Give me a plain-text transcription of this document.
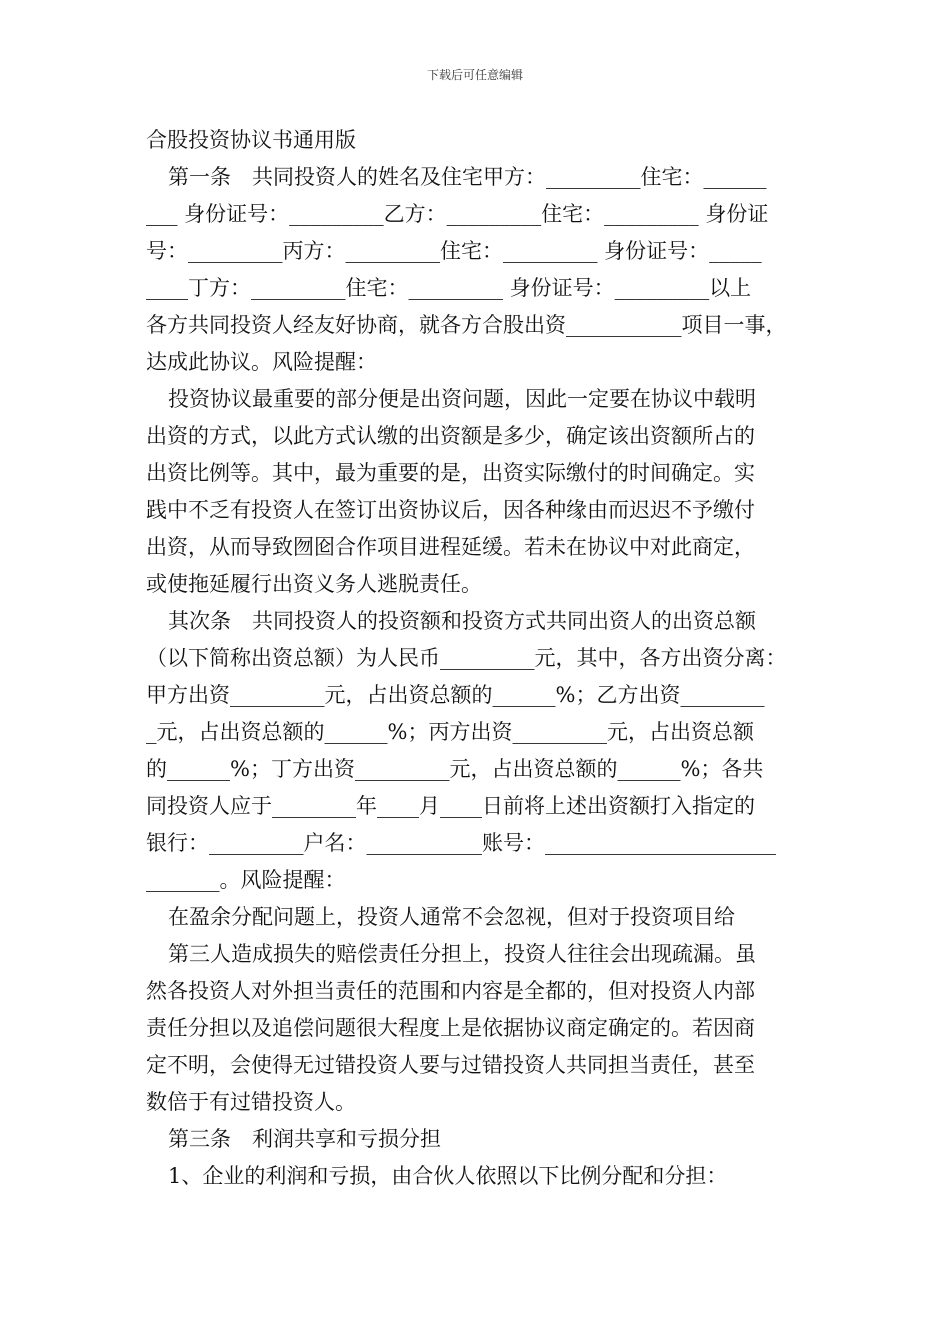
下载后可任意编辑
合股投资协议书通用版
第一条　共同投资人的姓名及住宅甲方：_________住宅：______
___ 身份证号：_________乙方：_________住宅：_________ 身份证
号：_________丙方：_________住宅：_________ 身份证号：_____
____丁方：_________住宅：_________ 身份证号：_________以上
各方共同投资人经友好协商，就各方合股出资___________项目一事，
达成此协议。风险提醒：
投资协议最重要的部分便是出资问题，因此一定要在协议中载明
出资的方式，以此方式认缴的出资额是多少，确定该出资额所占的
出资比例等。其中，最为重要的是，出资实际缴付的时间确定。实
践中不乏有投资人在签订出资协议后，因各种缘由而迟迟不予缴付
出资，从而导致囫囵合作项目进程延缓。若未在协议中对此商定，
或使拖延履行出资义务人逃脱责任。
其次条　共同投资人的投资额和投资方式共同出资人的出资总额
（以下简称出资总额）为人民币_________元，其中，各方出资分离：
甲方出资_________元，占出资总额的______%；乙方出资________
_元，占出资总额的______%；丙方出资_________元，占出资总额
的______%；丁方出资_________元，占出资总额的______%；各共
同投资人应于________年____月____日前将上述出资额打入指定的
银行：_________户名：___________账号：______________________
_______。风险提醒：
在盈余分配问题上，投资人通常不会忽视，但对于投资项目给
第三人造成损失的赔偿责任分担上，投资人往往会出现疏漏。虽
然各投资人对外担当责任的范围和内容是全都的，但对投资人内部
责任分担以及追偿问题很大程度上是依据协议商定确定的。若因商
定不明，会使得无过错投资人要与过错投资人共同担当责任，甚至
数倍于有过错投资人。
第三条　利润共享和亏损分担
1、企业的利润和亏损，由合伙人依照以下比例分配和分担：
